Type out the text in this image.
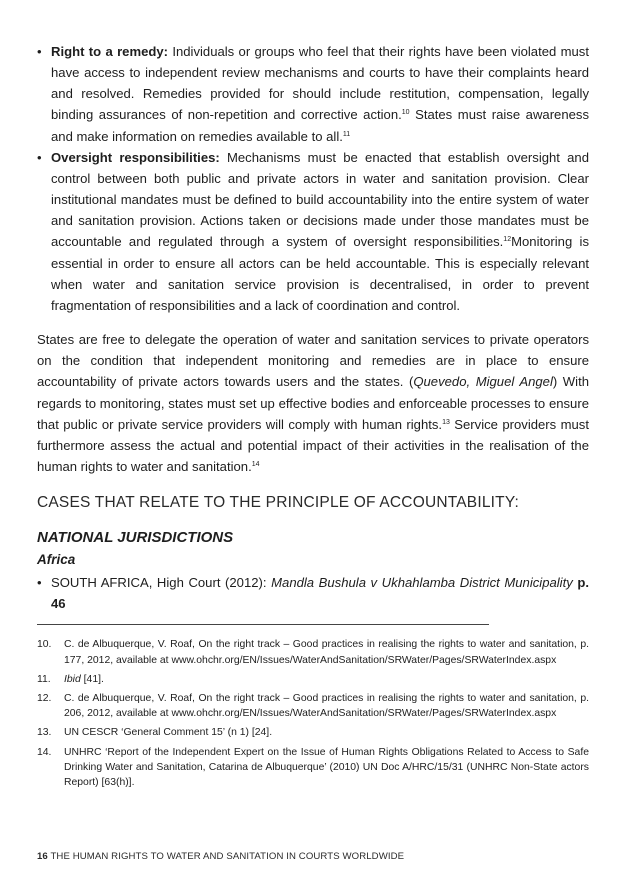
• Right to a remedy: Individuals or groups who feel that their rights have been violated must have access to independent review mechanisms and courts to have their complaints heard and resolved. Remedies provided for should include restitution, compensation, legally binding assurances of non-repetition and corrective action.$^{10}$ States must raise awareness and make information on remedies available to all.$^{11}$
• Oversight responsibilities: Mechanisms must be enacted that establish oversight and control between both public and private actors in water and sanitation provision. Clear institutional mandates must be defined to build accountability into the entire system of water and sanitation provision. Actions taken or decisions made under those mandates must be accountable and regulated through a system of oversight responsibilities.$^{12}$Monitoring is essential in order to ensure all actors can be held accountable. This is especially relevant when water and sanitation service provision is decentralised, in order to prevent fragmentation of responsibilities and a lack of coordination and control.

States are free to delegate the operation of water and sanitation services to private operators on the condition that independent monitoring and remedies are in place to ensure accountability of private actors towards users and the states. (Quevedo, Miguel Angel) With regards to monitoring, states must set up effective bodies and enforceable processes to ensure that public or private service providers will comply with human rights.$^{13}$ Service providers must furthermore assess the actual and potential impact of their activities in the realisation of the human rights to water and sanitation.$^{14}$

CASES THAT RELATE TO THE PRINCIPLE OF ACCOUNTABILITY:
NATIONAL JURISDICTIONS
Africa
• SOUTH AFRICA, High Court (2012): Mandla Bushula v Ukhahlamba District Municipality p. 46
10.	C. de Albuquerque, V. Roaf, On the right track – Good practices in realising the rights to water and sanitation, p. 177, 2012, available at www.ohchr.org/EN/Issues/WaterAndSanitation/SRWater/Pages/SRWaterIndex.aspx
11.	Ibid [41].
12.	C. de Albuquerque, V. Roaf, On the right track – Good practices in realising the rights to water and sanitation, p. 206, 2012, available at www.ohchr.org/EN/Issues/WaterAndSanitation/SRWater/Pages/SRWaterIndex.aspx
13.	UN CESCR ‘General Comment 15’ (n 1) [24].
14.	UNHRC ‘Report of the Independent Expert on the Issue of Human Rights Obligations Related to Access to Safe Drinking Water and Sanitation, Catarina de Albuquerque’ (2010) UN Doc A/HRC/15/31 (UNHRC Non-State actors Report) [63(h)].
16 THE HUMAN RIGHTS TO WATER AND SANITATION IN COURTS WORLDWIDE
